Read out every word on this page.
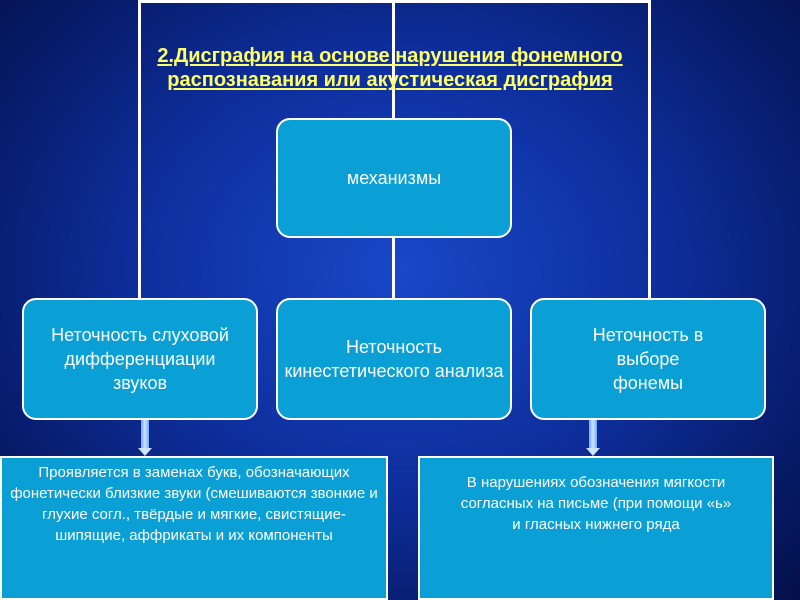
2.Дисграфия на основе нарушения фонемного распознавания или акустическая дисграфия
механизмы
Неточность слуховой дифференциации звуков
Неточность кинестетического анализа
Неточность в выборе фонемы
Проявляется в заменах букв, обозначающих фонетически близкие звуки (смешиваются звонкие и глухие согл., твёрдые и мягкие, свистящие-шипящие, аффрикаты и их компоненты
В нарушениях обозначения мягкости согласных на письме (при помощи «ь» и гласных нижнего ряда
